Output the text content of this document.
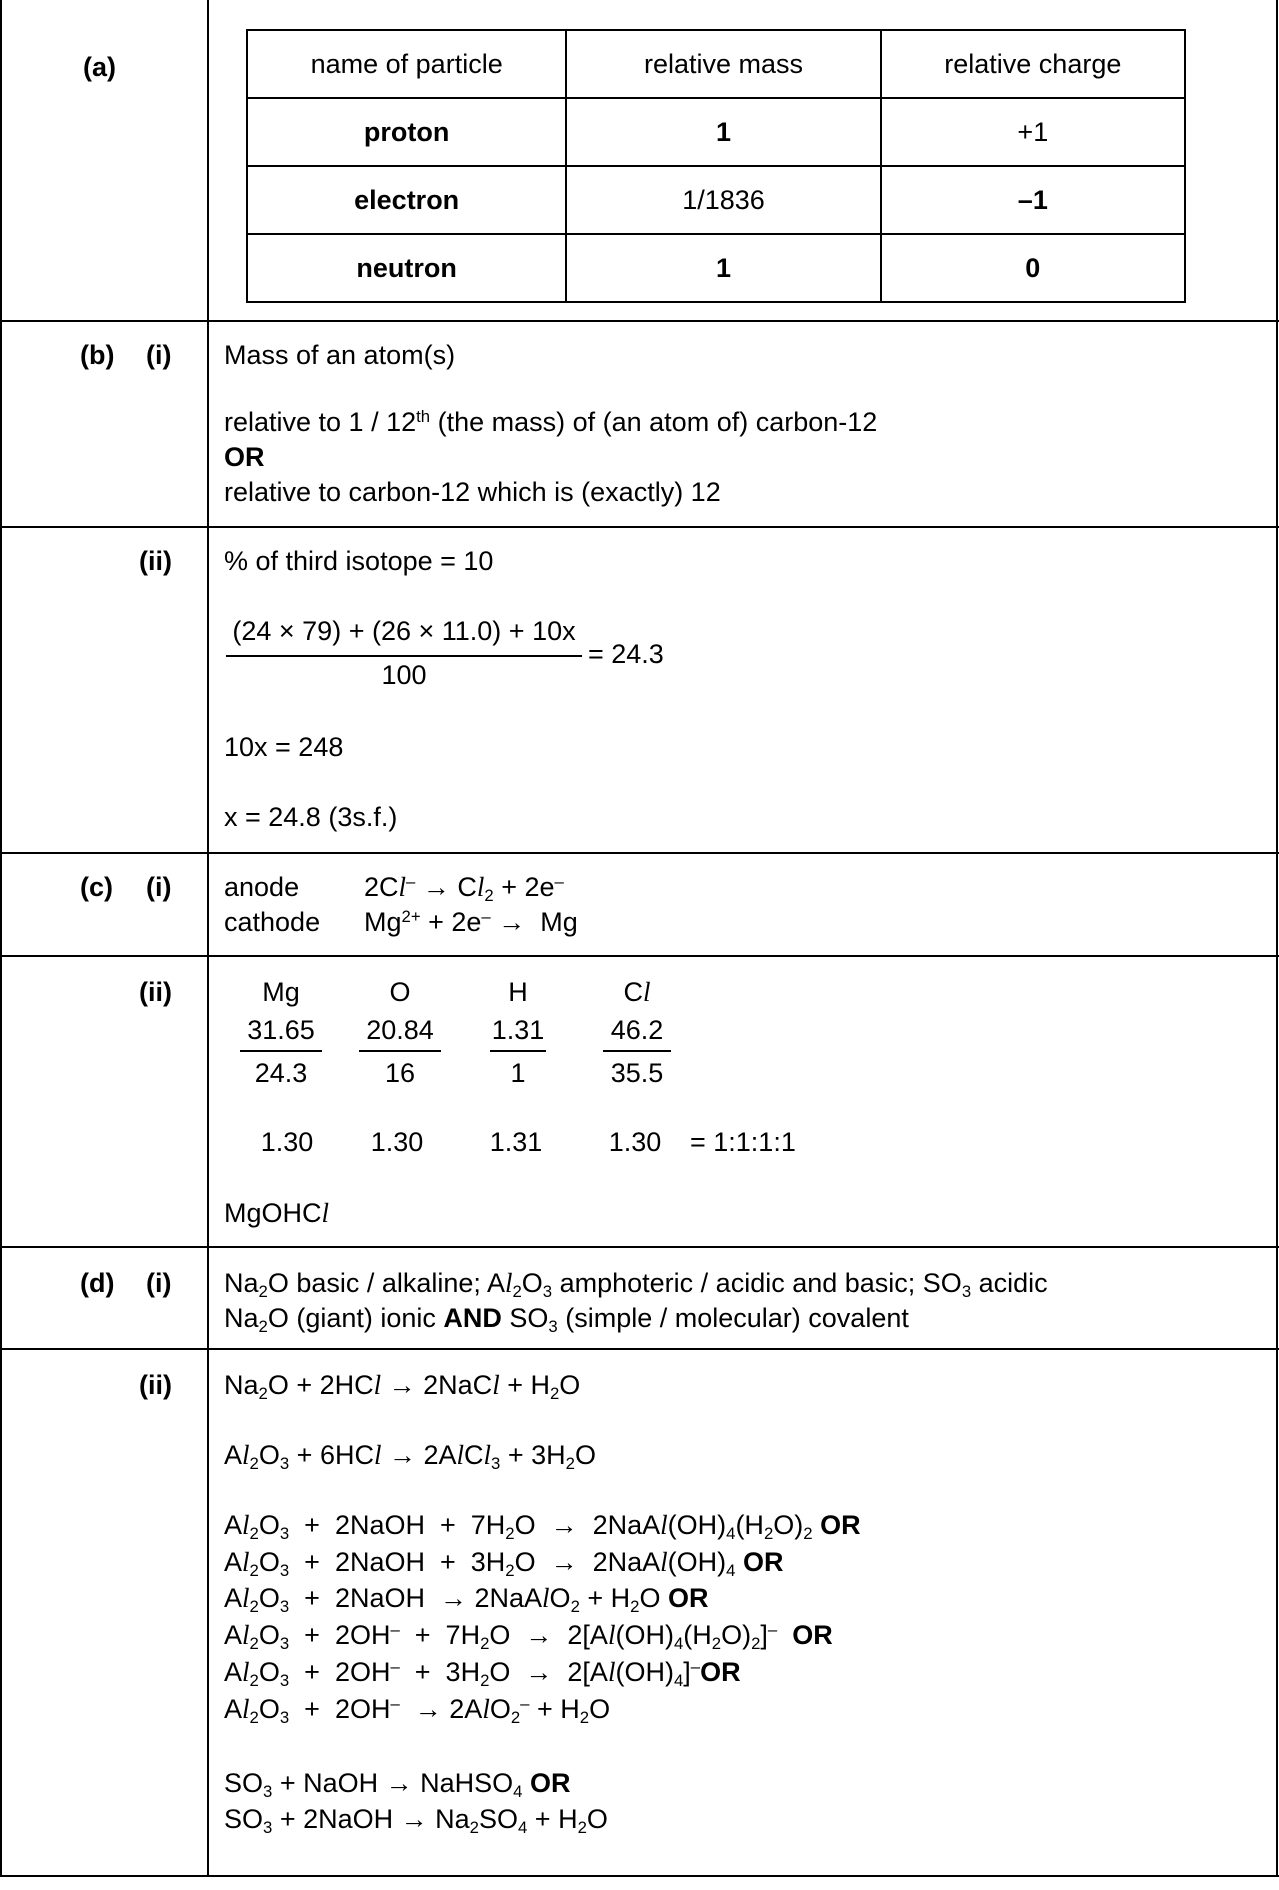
(a)	name of particle	relative mass	relative charge
proton	1	+1
electron	1/1836	–1
neutron	1	0
(b) (i) Mass of an atom(s)
relative to 1 / 12th (the mass) of (an atom of) carbon-12
OR
relative to carbon-12 which is (exactly) 12
(ii) % of third isotope = 10
(24 × 79) + (26 × 11.0) + 10x
100
= 24.3
10x = 248
x = 24.8 (3s.f.)
(c) (i) anode $2Cl^- \to Cl_2 + 2e^-$
cathode $Mg^{2+} + 2e^- \to Mg$
(ii)	Mg	O	H	Cl
31.65	20.84	1.31	46.2
24.3	16	1	35.5
1.30	1.30	1.31	1.30	= 1:1:1:1
MgOHCl
(d) (i) $Na_2O$ basic / alkaline; $Al_2O_3$ amphoteric / acidic and basic; $SO_3$ acidic
$Na_2O$ (giant) ionic AND $SO_3$ (simple / molecular) covalent
(ii) $Na_2O + 2HCl$ → 2NaCl + $H_2O$
$Al_2O_3 + 6HCl$ → 2AlCl$_3$ + $3H_2O$
$Al_2O_3$  +  2NaOH  +  $7H_2O$  →  $2NaAl(OH)_4(H_2O)_2$ OR
$Al_2O_3$  +  2NaOH  +  $3H_2O$  →  $2NaAl(OH)_4$ OR
$Al_2O_3$  +  2NaOH  → 2NaAlO$_2$ + $H_2O$ OR
$Al_2O_3 + 2OH^- + 7H_2O \to 2[Al(OH)_4(H_2O)_2]^-$ OR
$Al_2O_3 + 2OH^- + 3H_2O \to 2[Al(OH)_4]^-OR$
$Al_2O_3 + 2OH^- \to 2AlO_2^- + H_2O$
$SO_3$ + NaOH → NaHSO$_4$ OR
$SO_3$ + 2NaOH → $Na_2SO_4 + H_2O$
